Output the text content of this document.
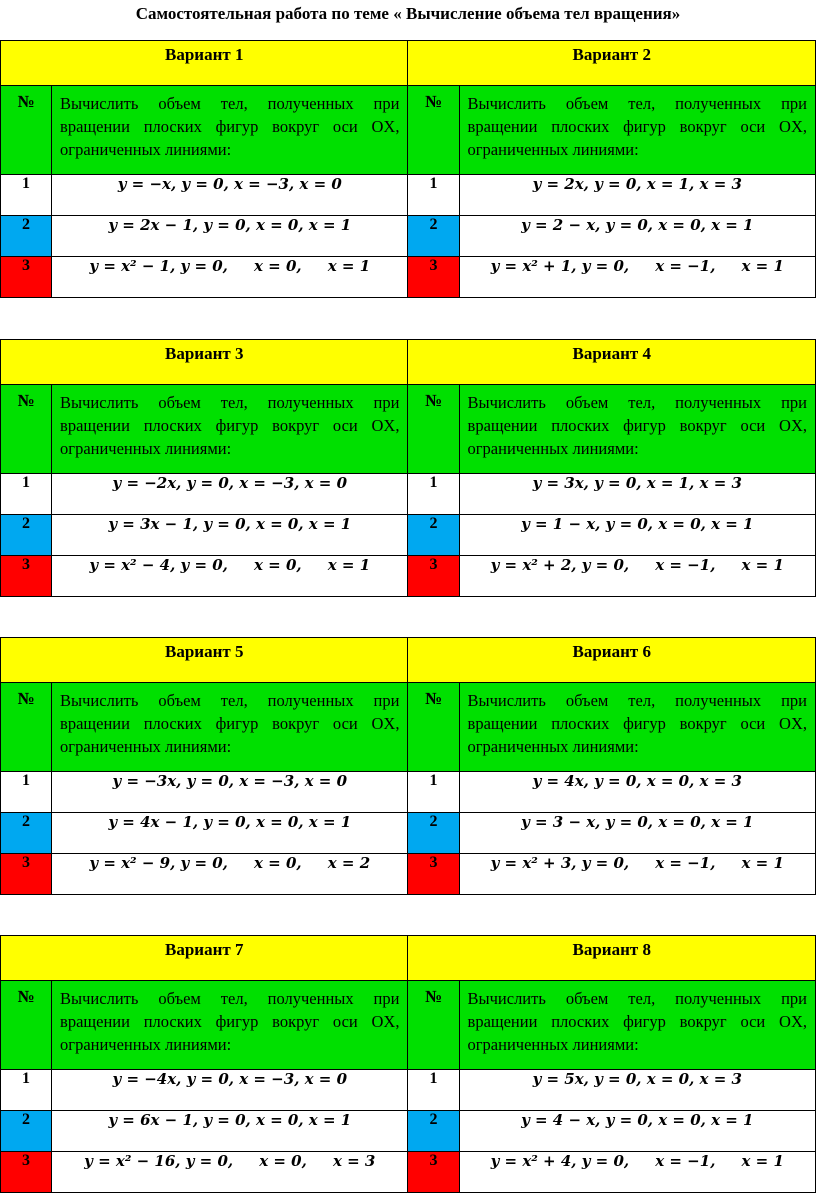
Самостоятельная работа по теме « Вычисление объема тел вращения»
Вариант 1		Вариант 2	
№	Вычислить объем тел, полученных при вращении плоских фигур вокруг оси OX, ограниченных линиями:	№	Вычислить объем тел, полученных при вращении плоских фигур вокруг оси OX, ограниченных линиями:
1	y = −x, y = 0, x = −3, x = 0	1	y = 2x, y = 0, x = 1, x = 3
2	y = 2x − 1, y = 0, x = 0, x = 1	2	y = 2 − x, y = 0, x = 0, x = 1
3	y = x² − 1, y = 0,     x = 0,     x = 1	3	y = x² + 1, y = 0,     x = −1,     x = 1
Вариант 3		Вариант 4	
№	Вычислить объем тел, полученных при вращении плоских фигур вокруг оси OX, ограниченных линиями:	№	Вычислить объем тел, полученных при вращении плоских фигур вокруг оси OX, ограниченных линиями:
1	y = −2x, y = 0, x = −3, x = 0	1	y = 3x, y = 0, x = 1, x = 3
2	y = 3x − 1, y = 0, x = 0, x = 1	2	y = 1 − x, y = 0, x = 0, x = 1
3	y = x² − 4, y = 0,     x = 0,     x = 1	3	y = x² + 2, y = 0,     x = −1,     x = 1
Вариант 5		Вариант 6	
№	Вычислить объем тел, полученных при вращении плоских фигур вокруг оси OX, ограниченных линиями:	№	Вычислить объем тел, полученных при вращении плоских фигур вокруг оси OX, ограниченных линиями:
1	y = −3x, y = 0, x = −3, x = 0	1	y = 4x, y = 0, x = 0, x = 3
2	y = 4x − 1, y = 0, x = 0, x = 1	2	y = 3 − x, y = 0, x = 0, x = 1
3	y = x² − 9, y = 0,     x = 0,     x = 2	3	y = x² + 3, y = 0,     x = −1,     x = 1
Вариант 7		Вариант 8	
№	Вычислить объем тел, полученных при вращении плоских фигур вокруг оси OX, ограниченных линиями:	№	Вычислить объем тел, полученных при вращении плоских фигур вокруг оси OX, ограниченных линиями:
1	y = −4x, y = 0, x = −3, x = 0	1	y = 5x, y = 0, x = 0, x = 3
2	y = 6x − 1, y = 0, x = 0, x = 1	2	y = 4 − x, y = 0, x = 0, x = 1
3	y = x² − 16, y = 0,     x = 0,     x = 3	3	y = x² + 4, y = 0,     x = −1,     x = 1
